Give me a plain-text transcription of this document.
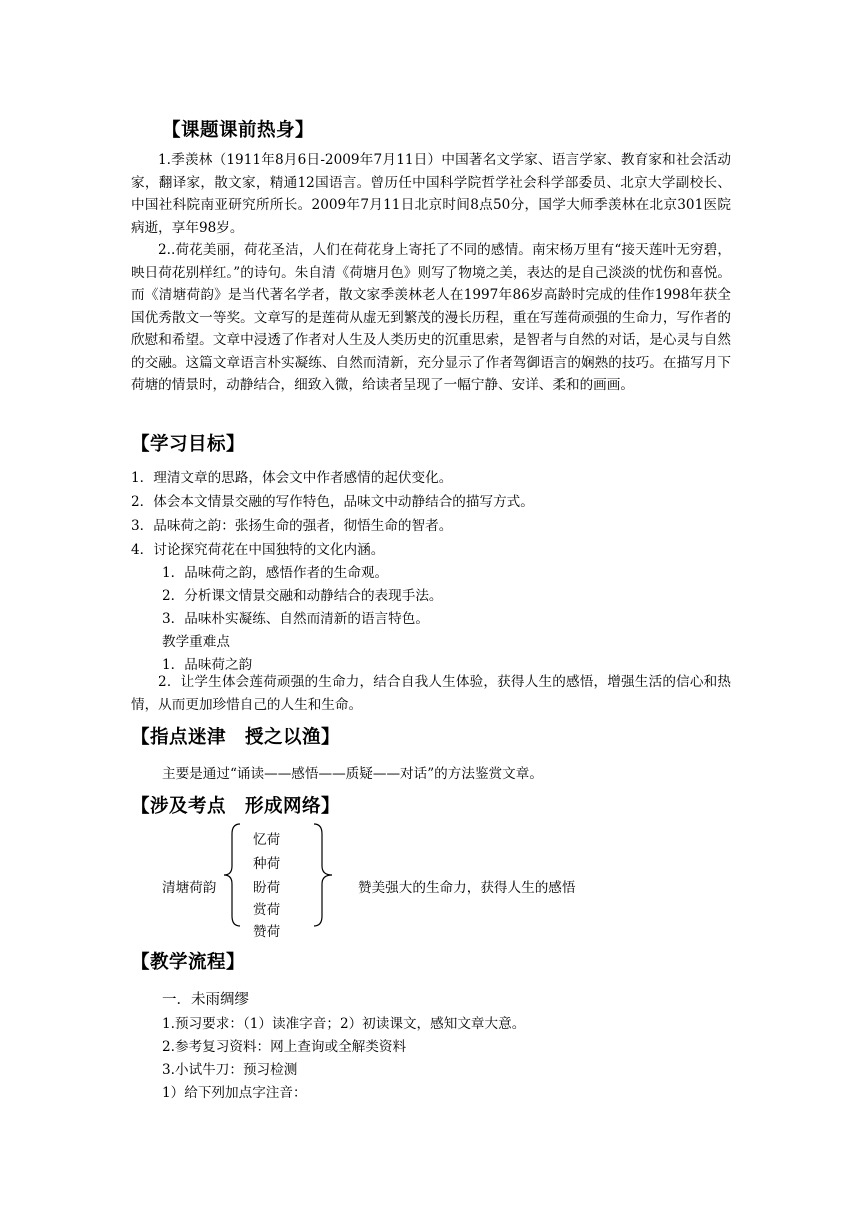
【课题课前热身】

1.季羡林（1911年8月6日-2009年7月11日）中国著名文学家、语言学家、教育家和社会活动家，翻译家，散文家，精通12国语言。曾历任中国科学院哲学社会科学部委员、北京大学副校长、中国社科院南亚研究所所长。2009年7月11日北京时间8点50分，国学大师季羡林在北京301医院病逝，享年98岁。

2..荷花美丽，荷花圣洁，人们在荷花身上寄托了不同的感情。南宋杨万里有“接天莲叶无穷碧，映日荷花别样红。”的诗句。朱自清《荷塘月色》则写了物境之美，表达的是自己淡淡的忧伤和喜悦。而《清塘荷韵》是当代著名学者，散文家季羡林老人在1997年86岁高龄时完成的佳作1998年获全国优秀散文一等奖。文章写的是莲荷从虚无到繁茂的漫长历程，重在写莲荷顽强的生命力，写作者的欣慰和希望。文章中浸透了作者对人生及人类历史的沉重思索，是智者与自然的对话，是心灵与自然的交融。这篇文章语言朴实凝练、自然而清新，充分显示了作者驾御语言的娴熟的技巧。在描写月下荷塘的情景时，动静结合，细致入微，给读者呈现了一幅宁静、安详、柔和的画画。

【学习目标】
1．理清文章的思路，体会文中作者感情的起伏变化。
2．体会本文情景交融的写作特色，品味文中动静结合的描写方式。
3．品味荷之韵：张扬生命的强者，彻悟生命的智者。
4．讨论探究荷花在中国独特的文化内涵。
1．品味荷之韵，感悟作者的生命观。
2．分析课文情景交融和动静结合的表现手法。
3．品味朴实凝练、自然而清新的语言特色。
教学重难点
1．品味荷之韵

2．让学生体会莲荷顽强的生命力，结合自我人生体验，获得人生的感悟，增强生活的信心和热情，从而更加珍惜自己的人生和生命。

【指点迷津　授之以渔】
主要是通过“诵读——感悟——质疑——对话”的方法鉴赏文章。
【涉及考点　形成网络】
清塘荷韵
忆荷
种荷
盼荷
赏荷
赞荷
赞美强大的生命力，获得人生的感悟
【教学流程】
一．未雨绸缪
1.预习要求：（1）读准字音；2）初读课文，感知文章大意。
2.参考复习资料：网上查询或全解类资料
3.小试牛刀：预习检测
1）给下列加点字注音：
